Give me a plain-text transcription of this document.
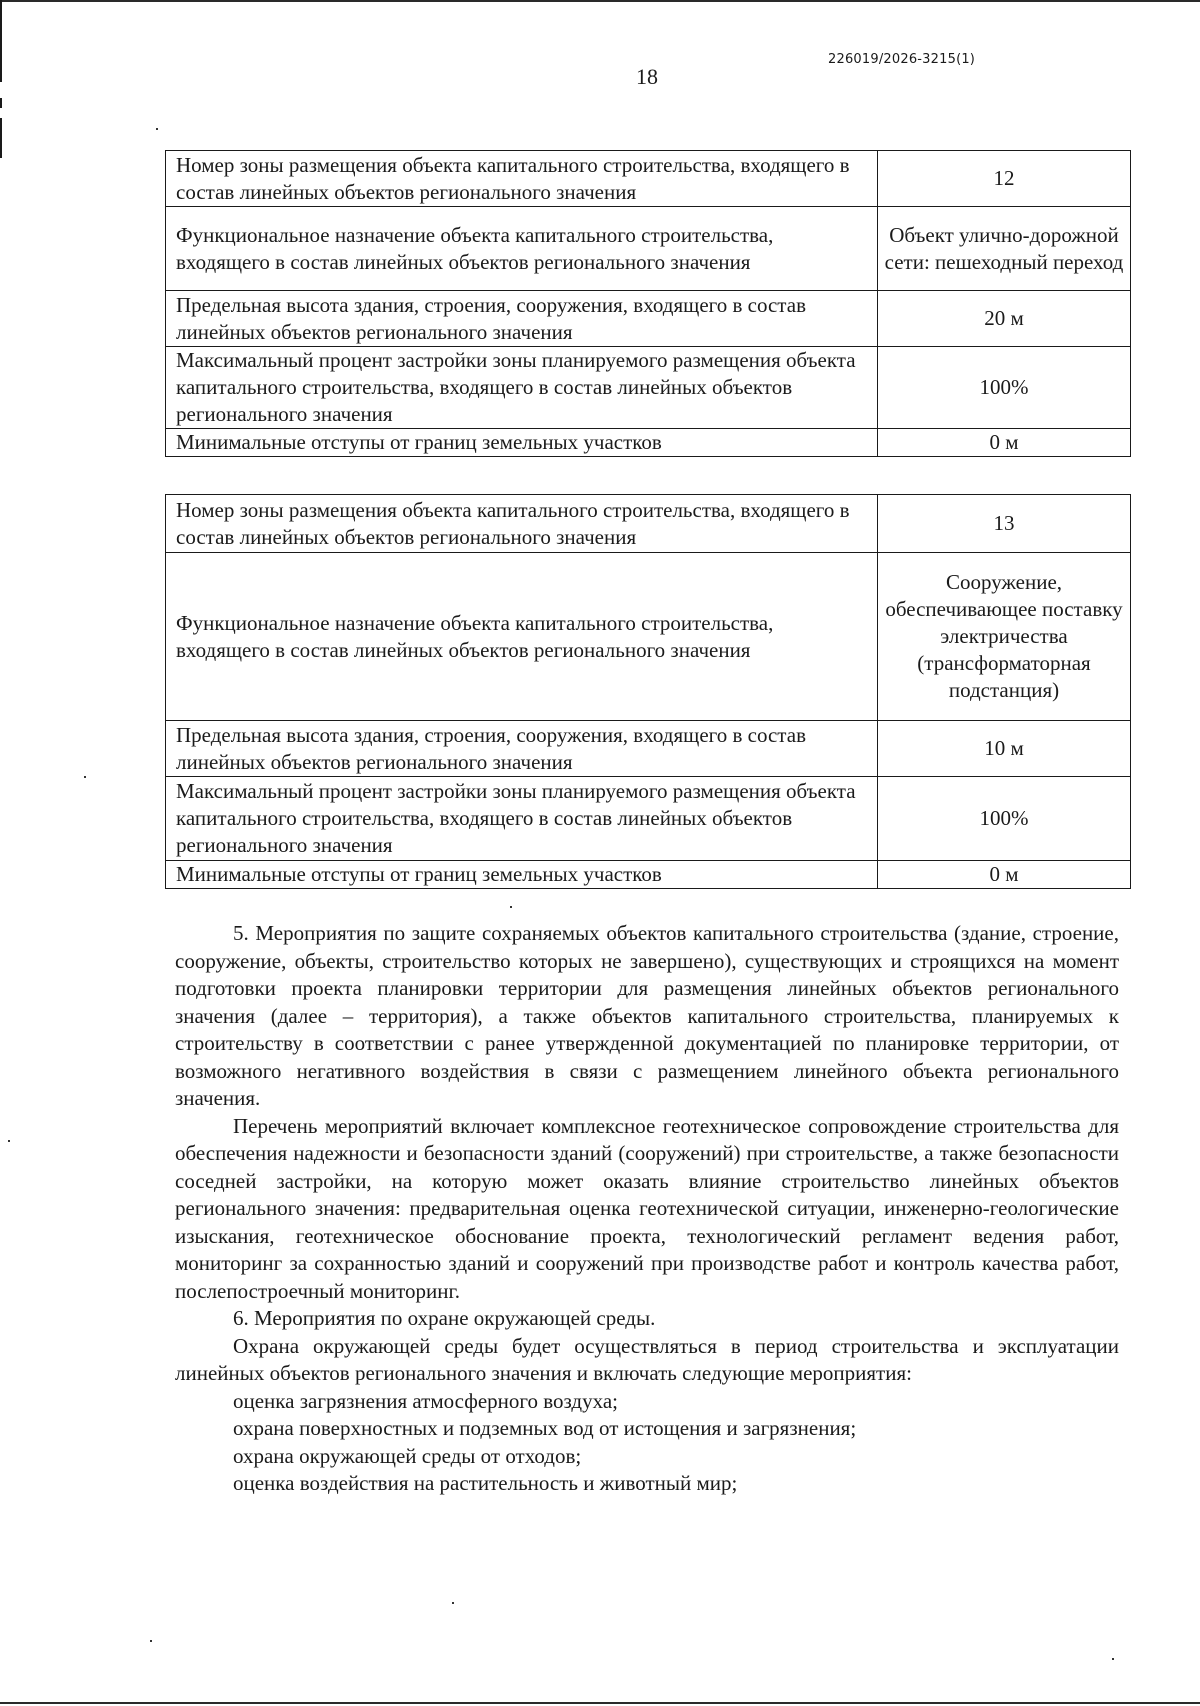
226019/2026-3215(1)
18
Номер зоны размещения объекта капитального строительства, входящего в состав линейных объектов регионального значения	12
Функциональное назначение объекта капитального строительства, входящего в состав линейных объектов регионального значения	Объект улично-дорожной сети: пешеходный переход
Предельная высота здания, строения, сооружения, входящего в состав линейных объектов регионального значения	20 м
Максимальный процент застройки зоны планируемого размещения объекта капитального строительства, входящего в состав линейных объектов регионального значения	100%
Минимальные отступы от границ земельных участков	0 м
Номер зоны размещения объекта капитального строительства, входящего в состав линейных объектов регионального значения	13
Функциональное назначение объекта капитального строительства, входящего в состав линейных объектов регионального значения	Сооружение, обеспечивающее поставку электричества (трансформаторная подстанция)
Предельная высота здания, строения, сооружения, входящего в состав линейных объектов регионального значения	10 м
Максимальный процент застройки зоны планируемого размещения объекта капитального строительства, входящего в состав линейных объектов регионального значения	100%
Минимальные отступы от границ земельных участков	0 м

5. Мероприятия по защите сохраняемых объектов капитального строительства (здание, строение, сооружение, объекты, строительство которых не завершено), существующих и строящихся на момент подготовки проекта планировки территории для размещения линейных объектов регионального значения (далее – территория), а также объектов капитального строительства, планируемых к строительству в соответствии с ранее утвержденной документацией по планировке территории, от возможного негативного воздействия в связи с размещением линейного объекта регионального значения.

Перечень мероприятий включает комплексное геотехническое сопровождение строительства для обеспечения надежности и безопасности зданий (сооружений) при строительстве, а также безопасности соседней застройки, на которую может оказать влияние строительство линейных объектов регионального значения: предварительная оценка геотехнической ситуации, инженерно-геологические изыскания, геотехническое обоснование проекта, технологический регламент ведения работ, мониторинг за сохранностью зданий и сооружений при производстве работ и контроль качества работ, послепостроечный мониторинг.

6. Мероприятия по охране окружающей среды.

Охрана окружающей среды будет осуществляться в период строительства и эксплуатации линейных объектов регионального значения и включать следующие мероприятия:

оценка загрязнения атмосферного воздуха;

охрана поверхностных и подземных вод от истощения и загрязнения;

охрана окружающей среды от отходов;

оценка воздействия на растительность и животный мир;
